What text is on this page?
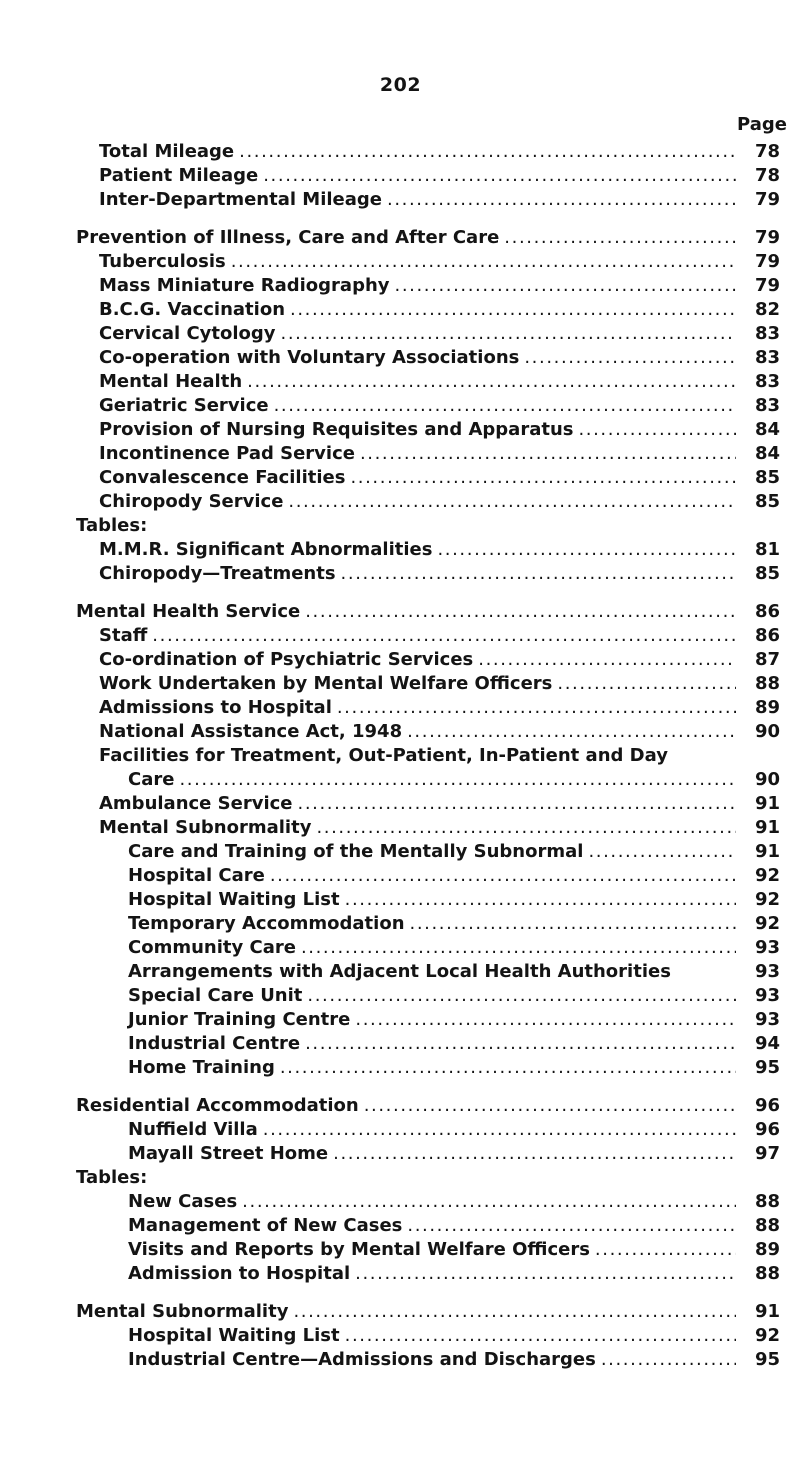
202
Page
Total Mileage .....	78
Patient Mileage .....	78
Inter-Departmental Mileage .....	79
Prevention of Illness, Care and After Care .....	79
Tuberculosis .....	79
Mass Miniature Radiography .....	79
B.C.G. Vaccination .....	82
Cervical Cytology .....	83
Co-operation with Voluntary Associations .....	83
Mental Health .....	83
Geriatric Service .....	83
Provision of Nursing Requisites and Apparatus .....	84
Incontinence Pad Service .....	84
Convalescence Facilities .....	85
Chiropody Service .....	85
Tables:
M.M.R. Significant Abnormalities .....	81
Chiropody—Treatments .....	85
Mental Health Service .....	86
Staff .....	86
Co-ordination of Psychiatric Services .....	87
Work Undertaken by Mental Welfare Officers .....	88
Admissions to Hospital .....	89
National Assistance Act, 1948 .....	90
Facilities for Treatment, Out-Patient, In-Patient and Day
Care .....	90
Ambulance Service .....	91
Mental Subnormality .....	91
Care and Training of the Mentally Subnormal .....	91
Hospital Care .....	92
Hospital Waiting List .....	92
Temporary Accommodation .....	92
Community Care .....	93
Arrangements with Adjacent Local Health Authorities	93
Special Care Unit .....	93
Junior Training Centre .....	93
Industrial Centre .....	94
Home Training .....	95
Residential Accommodation .....	96
Nuffield Villa .....	96
Mayall Street Home .....	97
Tables:
New Cases .....	88
Management of New Cases .....	88
Visits and Reports by Mental Welfare Officers .....	89
Admission to Hospital .....	88
Mental Subnormality .....	91
Hospital Waiting List .....	92
Industrial Centre—Admissions and Discharges .....	95
